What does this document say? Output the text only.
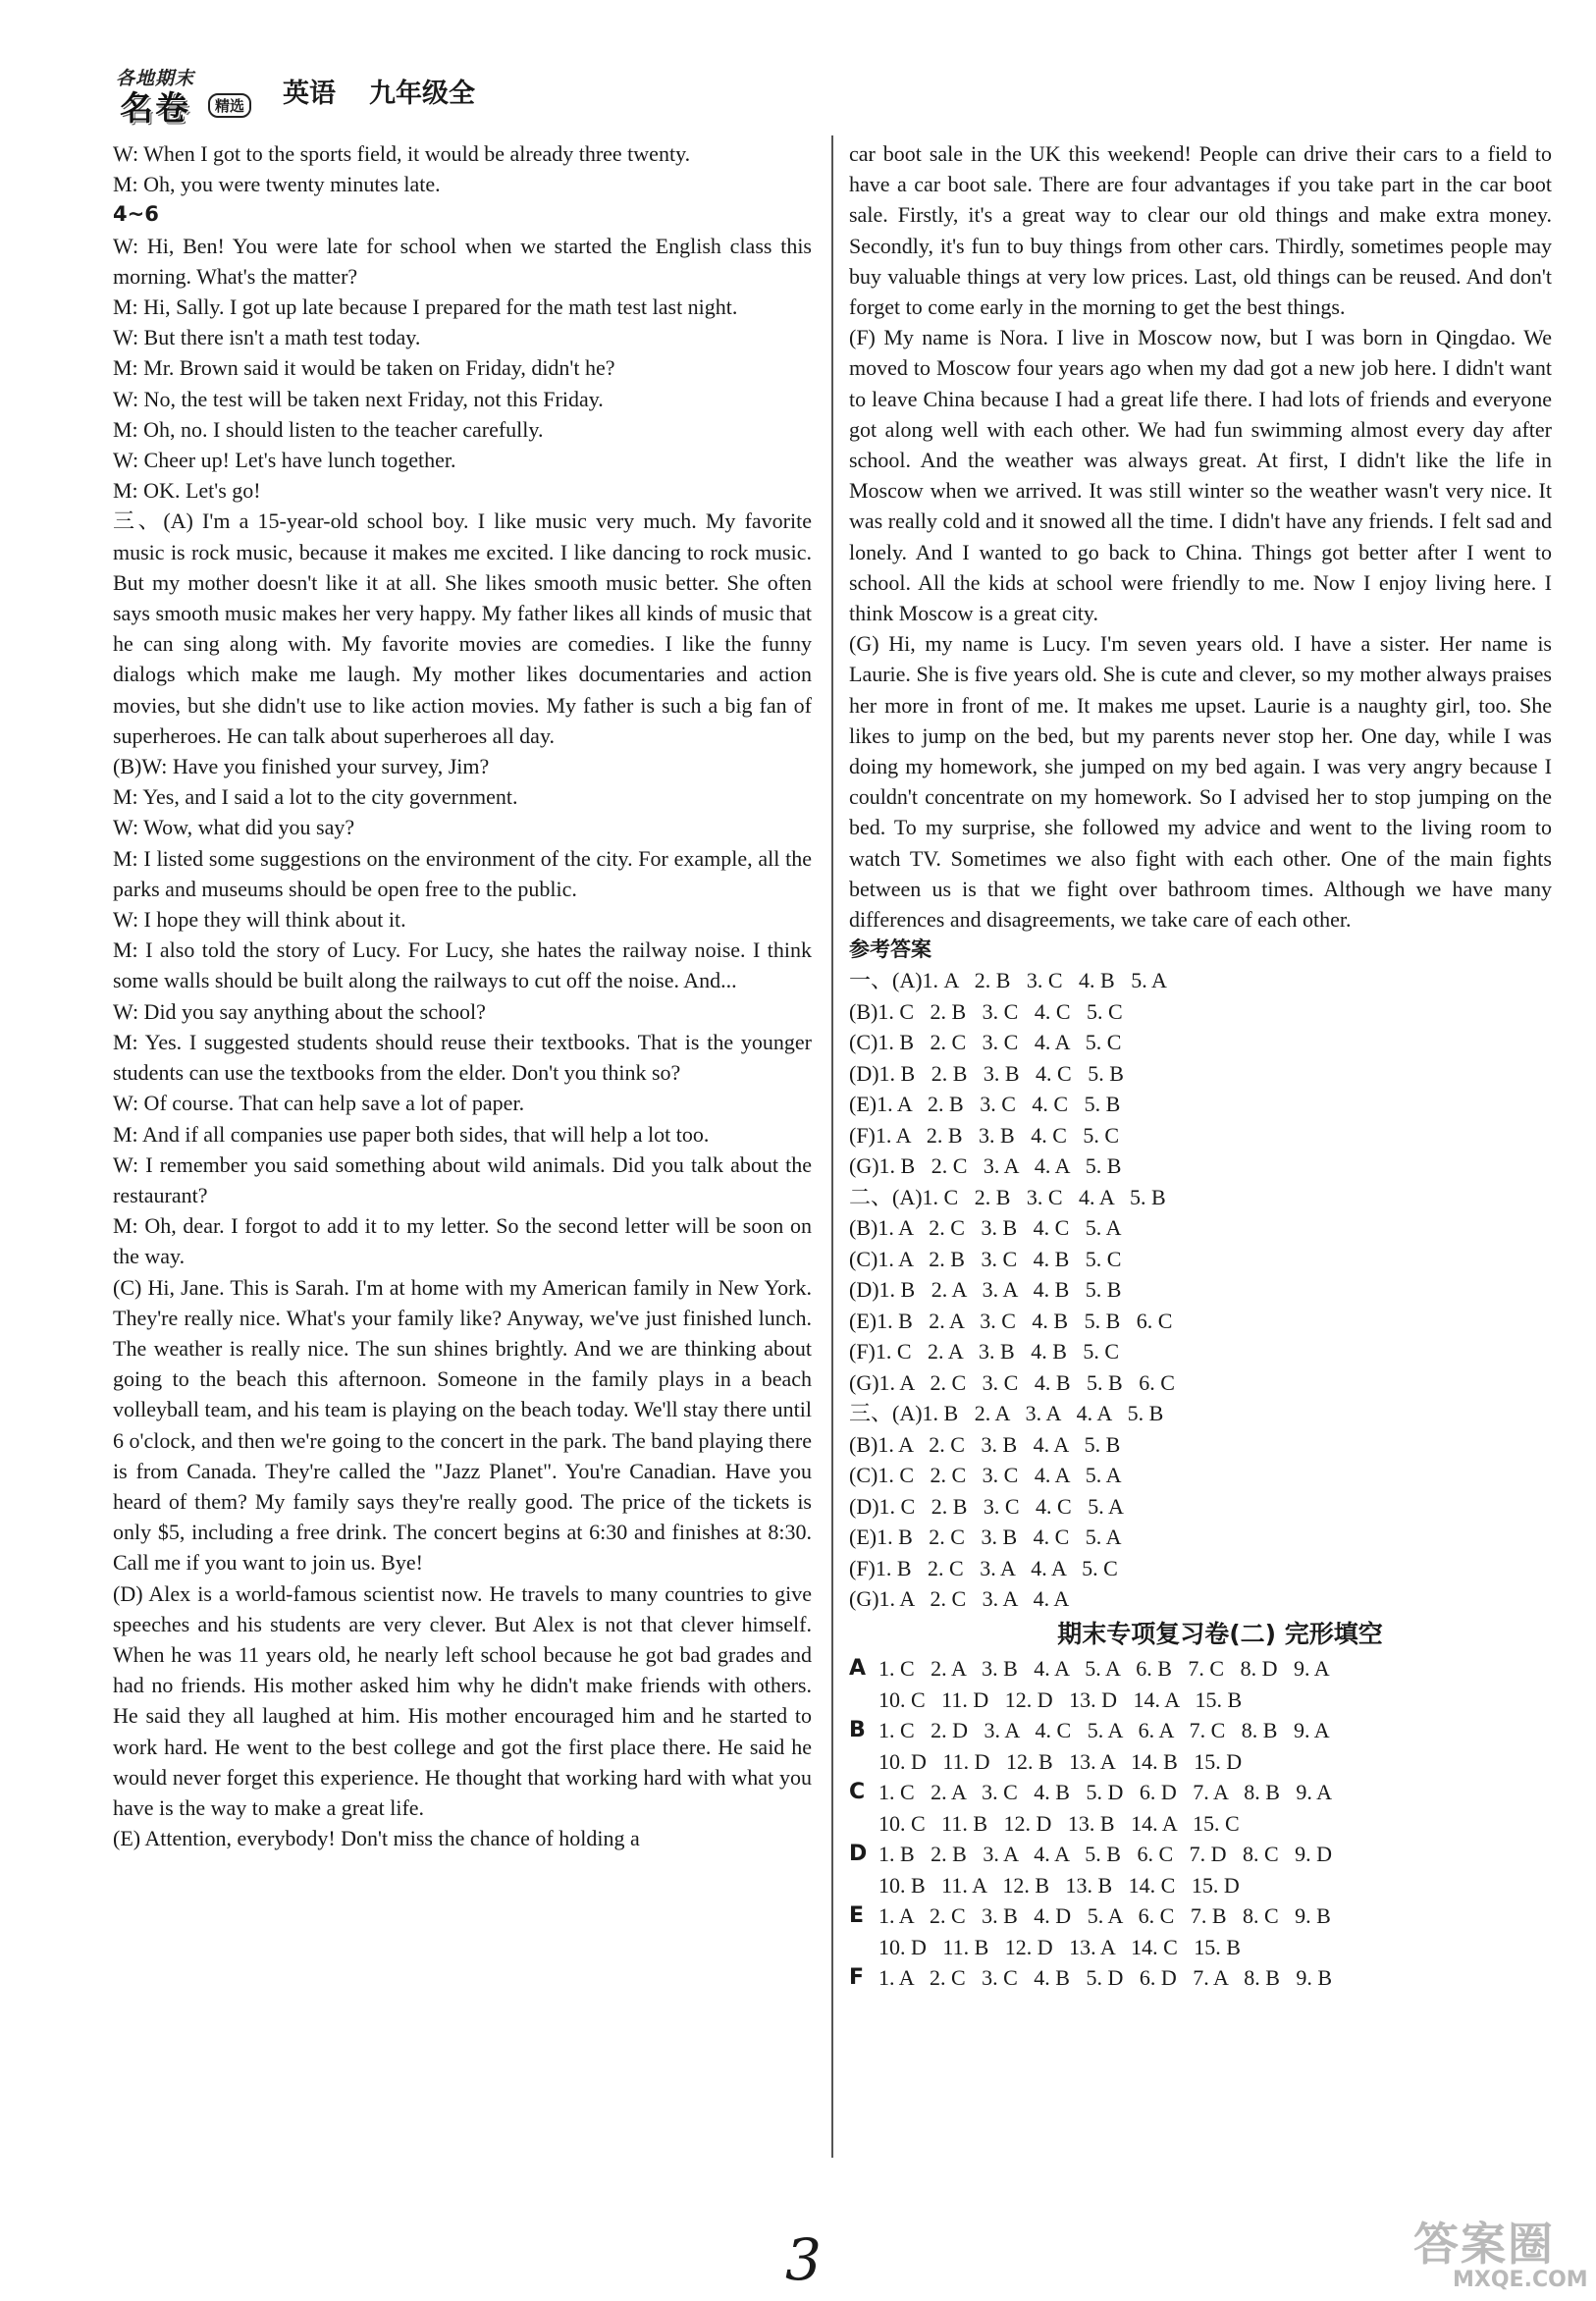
各地期末
名卷	精选 英语 九年级全

W: When I got to the sports field, it would be already three twenty.

M: Oh, you were twenty minutes late.

4~6

W: Hi, Ben! You were late for school when we started the English class this morning. What's the matter?

M: Hi, Sally. I got up late because I prepared for the math test last night.

W: But there isn't a math test today.

M: Mr. Brown said it would be taken on Friday, didn't he?

W: No, the test will be taken next Friday, not this Friday.

M: Oh, no. I should listen to the teacher carefully.

W: Cheer up! Let's have lunch together.

M: OK. Let's go!

三、(A) I'm a 15-year-old school boy. I like music very much. My favorite music is rock music, because it makes me excited. I like dancing to rock music. But my mother doesn't like it at all. She likes smooth music better. She often says smooth music makes her very happy. My father likes all kinds of music that he can sing along with. My favorite movies are comedies. I like the funny dialogs which make me laugh. My mother likes documentaries and action movies, but she didn't use to like action movies. My father is such a big fan of superheroes. He can talk about superheroes all day.

(B)W: Have you finished your survey, Jim?

M: Yes, and I said a lot to the city government.

W: Wow, what did you say?

M: I listed some suggestions on the environment of the city. For example, all the parks and museums should be open free to the public.

W: I hope they will think about it.

M: I also told the story of Lucy. For Lucy, she hates the railway noise. I think some walls should be built along the railways to cut off the noise. And...

W: Did you say anything about the school?

M: Yes. I suggested students should reuse their textbooks. That is the younger students can use the textbooks from the elder. Don't you think so?

W: Of course. That can help save a lot of paper.

M: And if all companies use paper both sides, that will help a lot too.

W: I remember you said something about wild animals. Did you talk about the restaurant?

M: Oh, dear. I forgot to add it to my letter. So the second letter will be soon on the way.

(C) Hi, Jane. This is Sarah. I'm at home with my American family in New York. They're really nice. What's your family like? Anyway, we've just finished lunch. The weather is really nice. The sun shines brightly. And we are thinking about going to the beach this afternoon. Someone in the family plays in a beach volleyball team, and his team is playing on the beach today. We'll stay there until 6 o'clock, and then we're going to the concert in the park. The band playing there is from Canada. They're called the "Jazz Planet". You're Canadian. Have you heard of them? My family says they're really good. The price of the tickets is only $5, including a free drink. The concert begins at 6:30 and finishes at 8:30. Call me if you want to join us. Bye!

(D) Alex is a world-famous scientist now. He travels to many countries to give speeches and his students are very clever. But Alex is not that clever himself. When he was 11 years old, he nearly left school because he got bad grades and had no friends. His mother asked him why he didn't make friends with others. He said they all laughed at him. His mother encouraged him and he started to work hard. He went to the best college and got the first place there. He said he would never forget this experience. He thought that working hard with what you have is the way to make a great life.

(E) Attention, everybody! Don't miss the chance of holding a

car boot sale in the UK this weekend! People can drive their cars to a field to have a car boot sale. There are four advantages if you take part in the car boot sale. Firstly, it's a great way to clear our old things and make extra money. Secondly, it's fun to buy things from other cars. Thirdly, sometimes people may buy valuable things at very low prices. Last, old things can be reused. And don't forget to come early in the morning to get the best things.

(F) My name is Nora. I live in Moscow now, but I was born in Qingdao. We moved to Moscow four years ago when my dad got a new job here. I didn't want to leave China because I had a great life there. I had lots of friends and everyone got along well with each other. We had fun swimming almost every day after school. And the weather was always great. At first, I didn't like the life in Moscow when we arrived. It was still winter so the weather wasn't very nice. It was really cold and it snowed all the time. I didn't have any friends. I felt sad and lonely. And I wanted to go back to China. Things got better after I went to school. All the kids at school were friendly to me. Now I enjoy living here. I think Moscow is a great city.

(G) Hi, my name is Lucy. I'm seven years old. I have a sister. Her name is Laurie. She is five years old. She is cute and clever, so my mother always praises her more in front of me. It makes me upset. Laurie is a naughty girl, too. She likes to jump on the bed, but my parents never stop her. One day, while I was doing my homework, she jumped on my bed again. I was very angry because I couldn't concentrate on my homework. So I advised her to stop jumping on the bed. To my surprise, she followed my advice and went to the living room to watch TV. Sometimes we also fight with each other. One of the main fights between us is that we fight over bathroom times. Although we have many differences and disagreements, we take care of each other.

参考答案

一、(A)1. A   2. B   3. C   4. B   5. A
(B)1. C   2. B   3. C   4. C   5. C
(C)1. B   2. C   3. C   4. A   5. C
(D)1. B   2. B   3. B   4. C   5. B
(E)1. A   2. B   3. C   4. C   5. B
(F)1. A   2. B   3. B   4. C   5. C
(G)1. B   2. C   3. A   4. A   5. B
二、(A)1. C   2. B   3. C   4. A   5. B
(B)1. A   2. C   3. B   4. C   5. A
(C)1. A   2. B   3. C   4. B   5. C
(D)1. B   2. A   3. A   4. B   5. B
(E)1. B   2. A   3. C   4. B   5. B   6. C
(F)1. C   2. A   3. B   4. B   5. C
(G)1. A   2. C   3. C   4. B   5. B   6. C
三、(A)1. B   2. A   3. A   4. A   5. B
(B)1. A   2. C   3. B   4. A   5. B
(C)1. C   2. C   3. C   4. A   5. A
(D)1. C   2. B   3. C   4. C   5. A
(E)1. B   2. C   3. B   4. C   5. A
(F)1. B   2. C   3. A   4. A   5. C
(G)1. A   2. C   3. A   4. A
期末专项复习卷(二) 完形填空
A 1. C   2. A   3. B   4. A   5. A   6. B   7. C   8. D   9. A
10. C   11. D   12. D   13. D   14. A   15. B
B 1. C   2. D   3. A   4. C   5. A   6. A   7. C   8. B   9. A
10. D   11. D   12. B   13. A   14. B   15. D
C 1. C   2. A   3. C   4. B   5. D   6. D   7. A   8. B   9. A
10. C   11. B   12. D   13. B   14. A   15. C
D 1. B   2. B   3. A   4. A   5. B   6. C   7. D   8. C   9. D
10. B   11. A   12. B   13. B   14. C   15. D
E 1. A   2. C   3. B   4. D   5. A   6. C   7. B   8. C   9. B
10. D   11. B   12. D   13. A   14. C   15. B
F 1. A   2. C   3. C   4. B   5. D   6. D   7. A   8. B   9. B
3	答案圈
MXQE.COM
